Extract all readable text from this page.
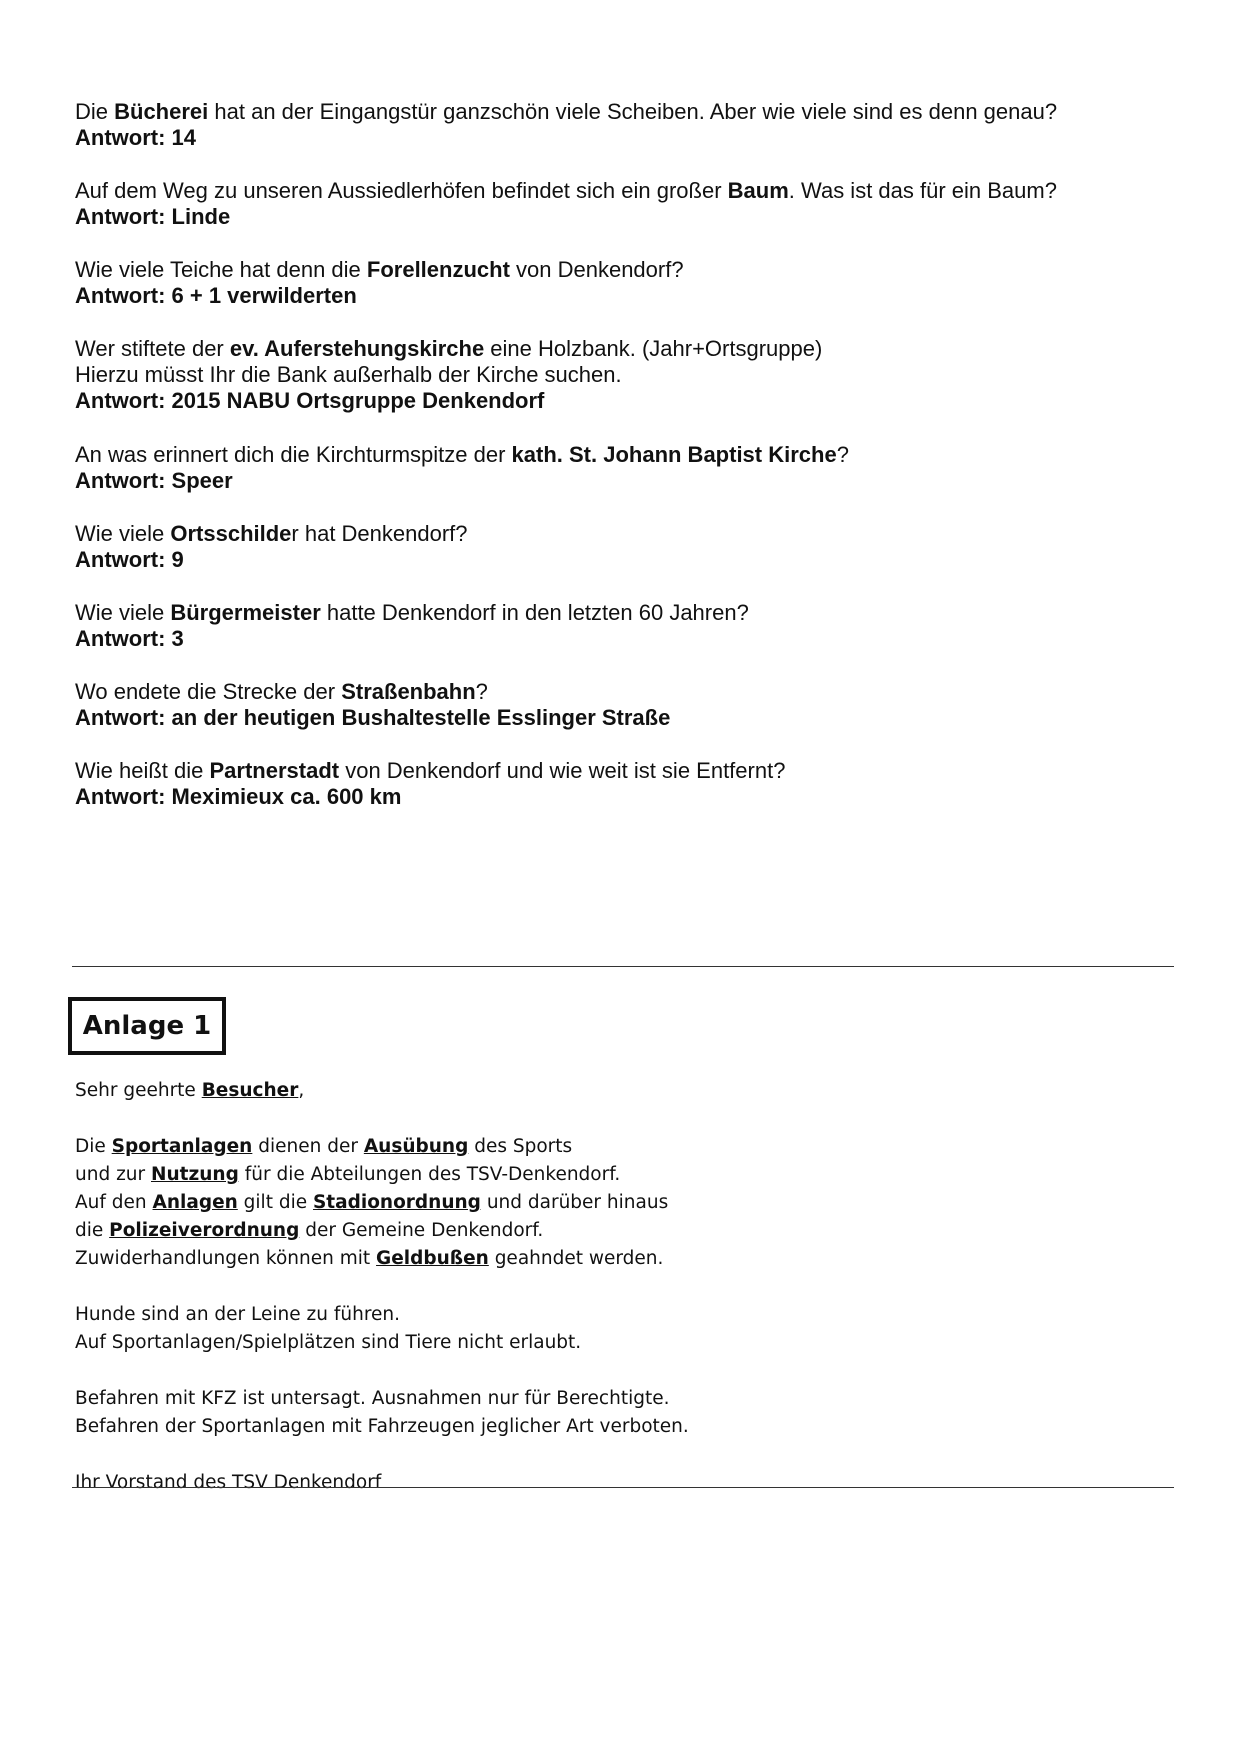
Die Bücherei hat an der Eingangstür ganzschön viele Scheiben. Aber wie viele sind es denn genau?

Antwort: 14

Auf dem Weg zu unseren Aussiedlerhöfen befindet sich ein großer Baum. Was ist das für ein Baum?

Antwort: Linde

Wie viele Teiche hat denn die Forellenzucht von Denkendorf?

Antwort: 6 + 1 verwilderten

Wer stiftete der ev. Auferstehungskirche eine Holzbank. (Jahr+Ortsgruppe)

Hierzu müsst Ihr die Bank außerhalb der Kirche suchen.

Antwort: 2015 NABU Ortsgruppe Denkendorf

An was erinnert dich die Kirchturmspitze der kath. St. Johann Baptist Kirche?

Antwort: Speer

Wie viele Ortsschilder hat Denkendorf?

Antwort: 9

Wie viele Bürgermeister hatte Denkendorf in den letzten 60 Jahren?

Antwort: 3

Wo endete die Strecke der Straßenbahn?

Antwort: an der heutigen Bushaltestelle Esslinger Straße

Wie heißt die Partnerstadt von Denkendorf und wie weit ist sie Entfernt?

Antwort: Meximieux ca. 600 km

Anlage 1

Sehr geehrte Besucher,

Die Sportanlagen dienen der Ausübung des Sports

und zur Nutzung für die Abteilungen des TSV-Denkendorf.

Auf den Anlagen gilt die Stadionordnung und darüber hinaus

die Polizeiverordnung der Gemeine Denkendorf.

Zuwiderhandlungen können mit Geldbußen geahndet werden.

Hunde sind an der Leine zu führen.

Auf Sportanlagen/Spielplätzen sind Tiere nicht erlaubt.

Befahren mit KFZ ist untersagt. Ausnahmen nur für Berechtigte.

Befahren der Sportanlagen mit Fahrzeugen jeglicher Art verboten.

Ihr Vorstand des TSV Denkendorf
